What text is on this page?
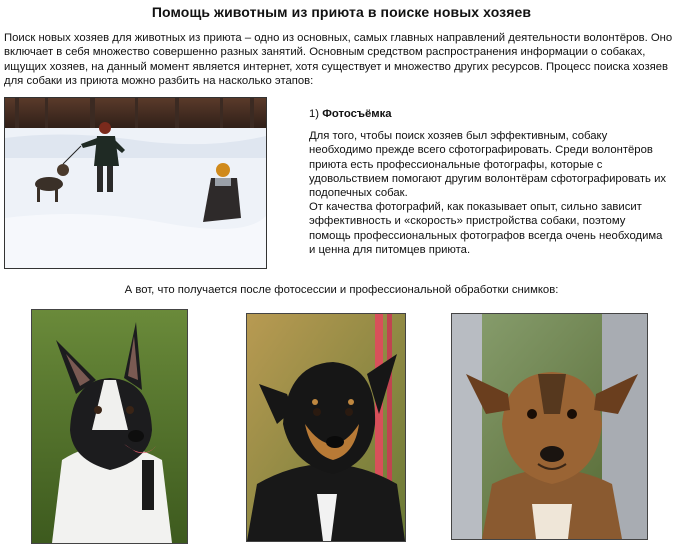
Помощь животным из приюта в поиске новых хозяев
Поиск новых хозяев для животных из приюта – одно из основных, самых главных направлений деятельности волонтёров. Оно включает в себя множество совершенно разных занятий. Основным средством распространения информации о собаках, ищущих хозяев, на данный момент является интернет, хотя существует и множество других ресурсов. Процесс поиска хозяев для собаки из приюта можно разбить на насколько этапов:
1) Фотосъёмка
Для того, чтобы поиск хозяев был эффективным, собаку необходимо прежде всего сфотографировать. Среди волонтёров приюта есть профессиональные фотографы, которые с удовольствием помогают другим волонтёрам сфотографировать их подопечных собак.
От качества фотографий, как показывает опыт, сильно зависит эффективность и «скорость» пристройства собаки, поэтому помощь профессиональных фотографов всегда очень необходима и ценна для питомцев приюта.
А вот, что получается после фотосессии и профессиональной обработки снимков:
